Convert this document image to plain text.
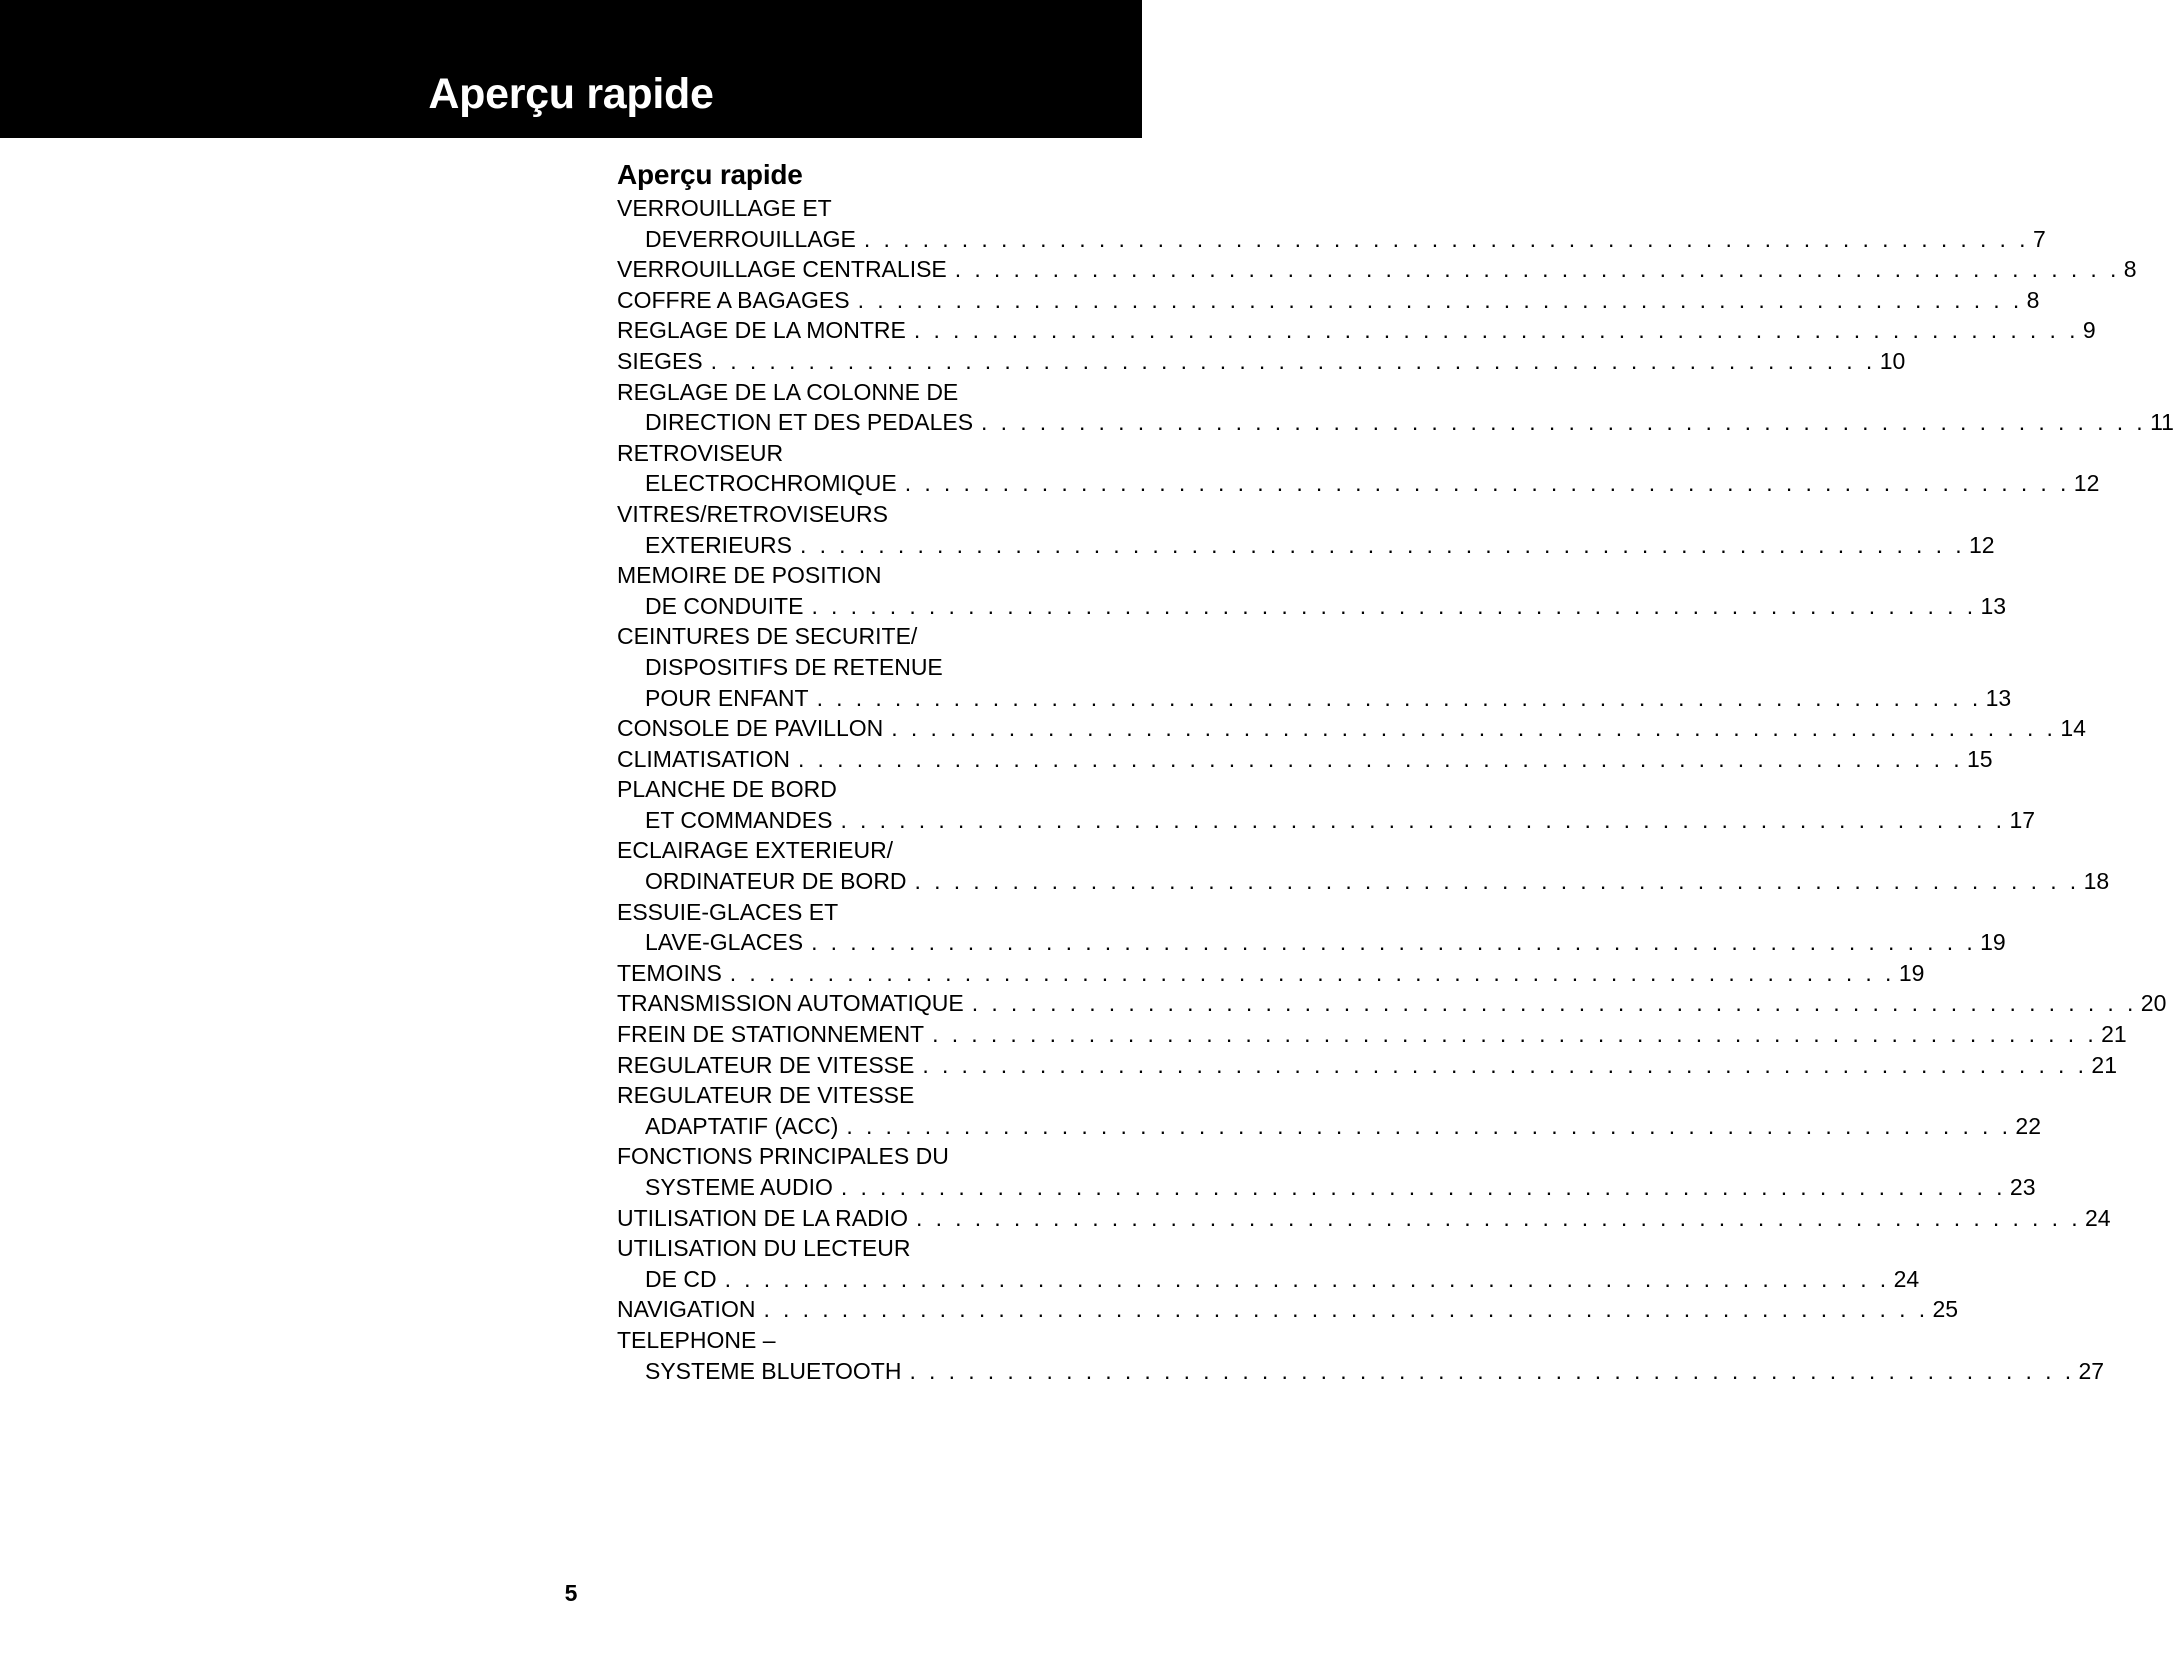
Aperçu rapide
Aperçu rapide
VERROUILLAGE ET
DEVERROUILLAGE . . . . . . . . . . . . . . . . . . . . . . . . . . . . . . . . . . . . . . . . . . . . . . . . . . . . . . . . . . . . 7
VERROUILLAGE CENTRALISE . . . . . . . . . . . . . . . . . . . . . . . . . . . . . . . . . . . . . . . . . . . . . . . . . . . . . . . . . . . . 8
COFFRE A BAGAGES . . . . . . . . . . . . . . . . . . . . . . . . . . . . . . . . . . . . . . . . . . . . . . . . . . . . . . . . . . . . 8
REGLAGE DE LA MONTRE . . . . . . . . . . . . . . . . . . . . . . . . . . . . . . . . . . . . . . . . . . . . . . . . . . . . . . . . . . . . 9
SIEGES . . . . . . . . . . . . . . . . . . . . . . . . . . . . . . . . . . . . . . . . . . . . . . . . . . . . . . . . . . . . 10
REGLAGE DE LA COLONNE DE
DIRECTION ET DES PEDALES . . . . . . . . . . . . . . . . . . . . . . . . . . . . . . . . . . . . . . . . . . . . . . . . . . . . . . . . . . . . 11
RETROVISEUR
ELECTROCHROMIQUE . . . . . . . . . . . . . . . . . . . . . . . . . . . . . . . . . . . . . . . . . . . . . . . . . . . . . . . . . . . . 12
VITRES/RETROVISEURS
EXTERIEURS . . . . . . . . . . . . . . . . . . . . . . . . . . . . . . . . . . . . . . . . . . . . . . . . . . . . . . . . . . . . 12
MEMOIRE DE POSITION
DE CONDUITE . . . . . . . . . . . . . . . . . . . . . . . . . . . . . . . . . . . . . . . . . . . . . . . . . . . . . . . . . . . . 13
CEINTURES DE SECURITE/
DISPOSITIFS DE RETENUE
POUR ENFANT . . . . . . . . . . . . . . . . . . . . . . . . . . . . . . . . . . . . . . . . . . . . . . . . . . . . . . . . . . . . 13
CONSOLE DE PAVILLON . . . . . . . . . . . . . . . . . . . . . . . . . . . . . . . . . . . . . . . . . . . . . . . . . . . . . . . . . . . . 14
CLIMATISATION . . . . . . . . . . . . . . . . . . . . . . . . . . . . . . . . . . . . . . . . . . . . . . . . . . . . . . . . . . . . 15
PLANCHE DE BORD
ET COMMANDES . . . . . . . . . . . . . . . . . . . . . . . . . . . . . . . . . . . . . . . . . . . . . . . . . . . . . . . . . . . . 17
ECLAIRAGE EXTERIEUR/
ORDINATEUR DE BORD . . . . . . . . . . . . . . . . . . . . . . . . . . . . . . . . . . . . . . . . . . . . . . . . . . . . . . . . . . . . 18
ESSUIE-GLACES ET
LAVE-GLACES . . . . . . . . . . . . . . . . . . . . . . . . . . . . . . . . . . . . . . . . . . . . . . . . . . . . . . . . . . . . 19
TEMOINS . . . . . . . . . . . . . . . . . . . . . . . . . . . . . . . . . . . . . . . . . . . . . . . . . . . . . . . . . . . . 19
TRANSMISSION AUTOMATIQUE . . . . . . . . . . . . . . . . . . . . . . . . . . . . . . . . . . . . . . . . . . . . . . . . . . . . . . . . . . . . 20
FREIN DE STATIONNEMENT . . . . . . . . . . . . . . . . . . . . . . . . . . . . . . . . . . . . . . . . . . . . . . . . . . . . . . . . . . . . 21
REGULATEUR DE VITESSE . . . . . . . . . . . . . . . . . . . . . . . . . . . . . . . . . . . . . . . . . . . . . . . . . . . . . . . . . . . . 21
REGULATEUR DE VITESSE
ADAPTATIF (ACC) . . . . . . . . . . . . . . . . . . . . . . . . . . . . . . . . . . . . . . . . . . . . . . . . . . . . . . . . . . . . 22
FONCTIONS PRINCIPALES DU
SYSTEME AUDIO . . . . . . . . . . . . . . . . . . . . . . . . . . . . . . . . . . . . . . . . . . . . . . . . . . . . . . . . . . . . 23
UTILISATION DE LA RADIO . . . . . . . . . . . . . . . . . . . . . . . . . . . . . . . . . . . . . . . . . . . . . . . . . . . . . . . . . . . . 24
UTILISATION DU LECTEUR
DE CD . . . . . . . . . . . . . . . . . . . . . . . . . . . . . . . . . . . . . . . . . . . . . . . . . . . . . . . . . . . . 24
NAVIGATION . . . . . . . . . . . . . . . . . . . . . . . . . . . . . . . . . . . . . . . . . . . . . . . . . . . . . . . . . . . . 25
TELEPHONE –
SYSTEME BLUETOOTH . . . . . . . . . . . . . . . . . . . . . . . . . . . . . . . . . . . . . . . . . . . . . . . . . . . . . . . . . . . . 27
5
